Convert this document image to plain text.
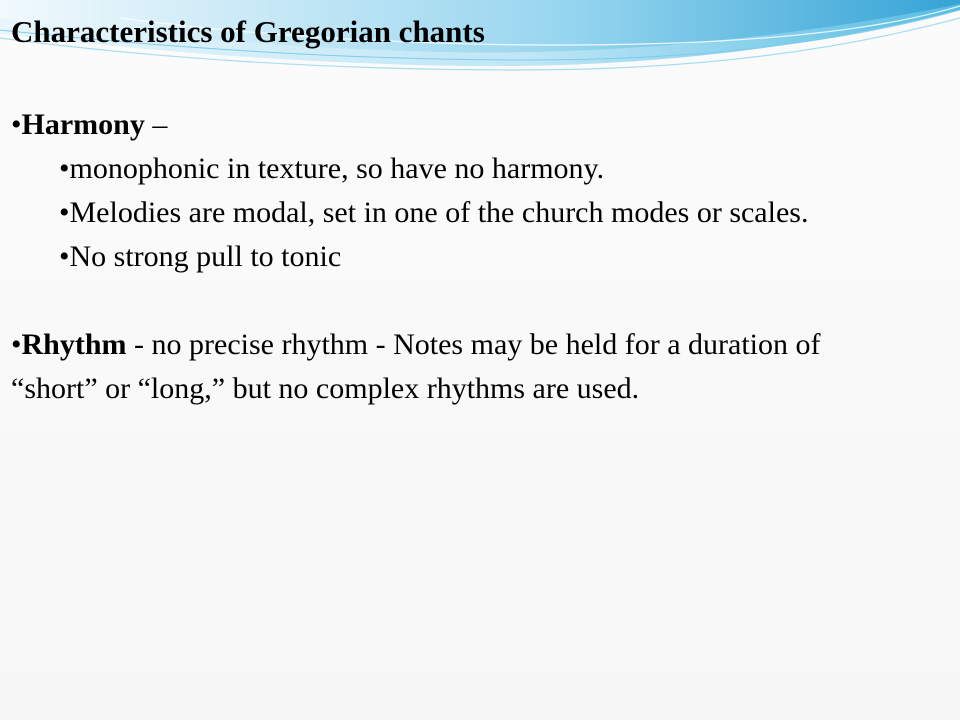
Characteristics of Gregorian chants

•Harmony –

•monophonic in texture, so have no harmony.

•Melodies are modal, set in one of the church modes or scales.

•No strong pull to tonic

•Rhythm - no precise rhythm - Notes may be held for a duration of “short” or “long,” but no complex rhythms are used.
